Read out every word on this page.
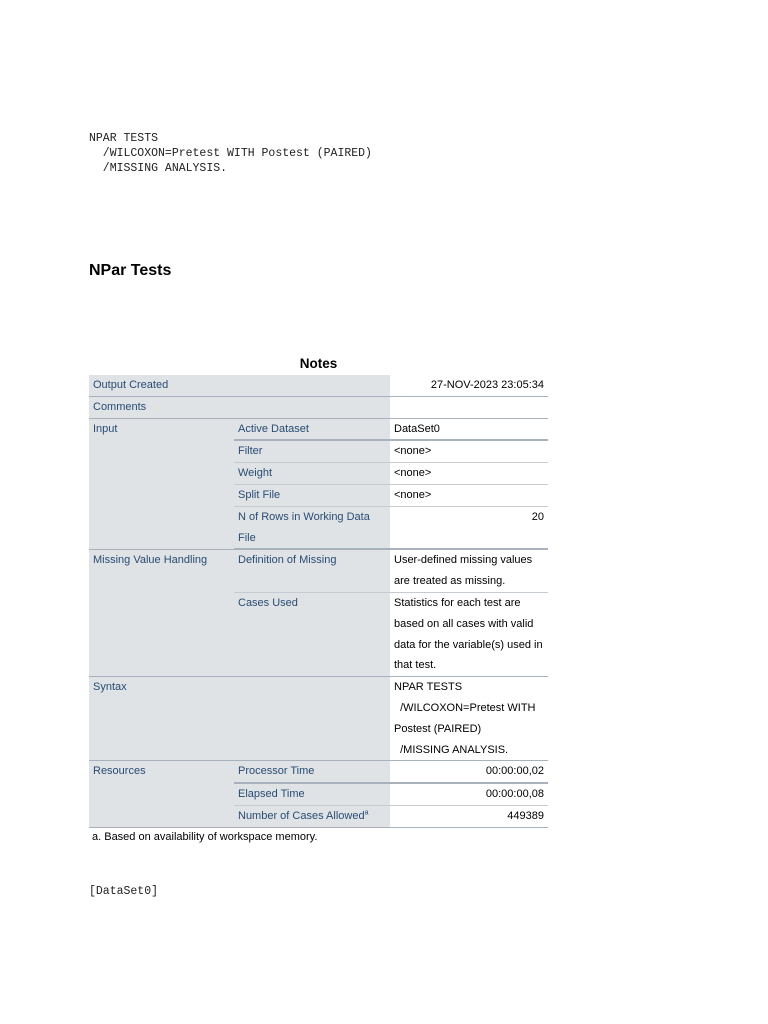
NPAR TESTS
/WILCOXON=Pretest WITH Postest (PAIRED)
/MISSING ANALYSIS.
NPar Tests
Notes
Output Created		27-NOV-2023 23:05:34
Comments		
Input	Active Dataset	DataSet0
	Filter	<none>
	Weight	<none>
	Split File	<none>
	N of Rows in Working Data File	20
Missing Value Handling	Definition of Missing	User-defined missing values are treated as missing.
	Cases Used	Statistics for each test are based on all cases with valid data for the variable(s) used in that test.
Syntax		NPAR TESTS
/WILCOXON=Pretest WITH
Postest (PAIRED)
/MISSING ANALYSIS.
Resources	Processor Time	00:00:00,02
	Elapsed Time	00:00:00,08
	Number of Cases Allowed$^a$	449389
a. Based on availability of workspace memory.
[DataSet0]
